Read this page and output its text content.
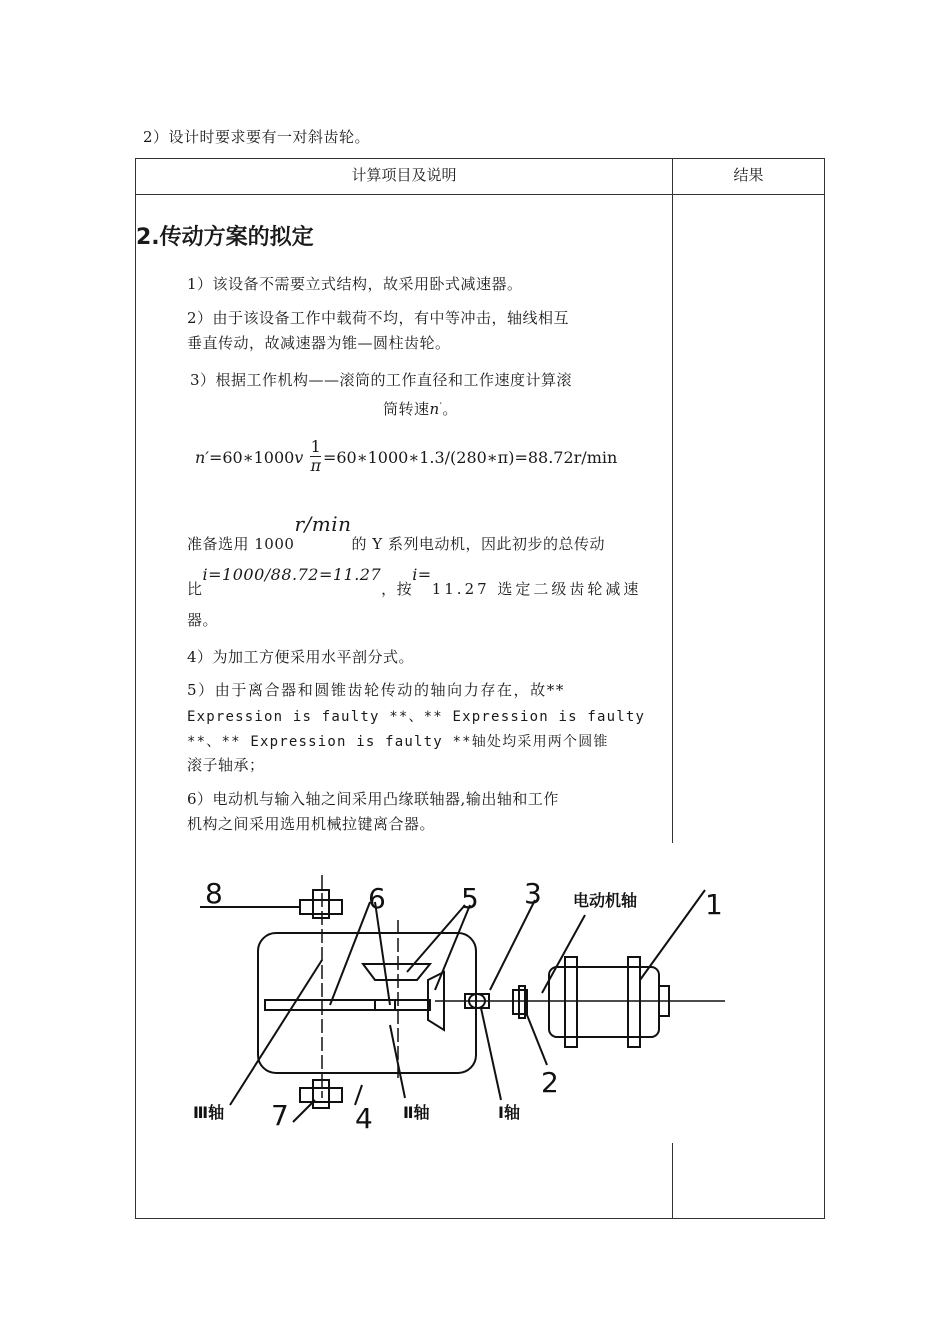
2）设计时要求要有一对斜齿轮。
计算项目及说明	结果
2.传动方案的拟定
1）该设备不需要立式结构，故采用卧式减速器。
2）由于该设备工作中载荷不均，有中等冲击，轴线相互
垂直传动，故减速器为锥—圆柱齿轮。
3）根据工作机构——滚筒的工作直径和工作速度计算滚
筒转速n'。
n′=60∗1000v $\frac{1}{\pi}$ =60∗1000∗1.3/(280∗π)=88.72r/min
准备选用 1000r/min的 Y 系列电动机，因此初步的总传动
比i=1000/88.72=11.27，按i=11.27 选定二级齿轮减速
器。
4）为加工方便采用水平剖分式。
5）由于离合器和圆锥齿轮传动的轴向力存在，故**
Expression is faulty **、** Expression is faulty
**、** Expression is faulty **轴处均采用两个圆锥
滚子轴承；
6）电动机与输入轴之间采用凸缘联轴器,输出轴和工作
机构之间采用选用机械拉键离合器。
8	6	5 3 电动机轴 1
2
Ⅲ轴 7 4 Ⅱ轴	Ⅰ轴
